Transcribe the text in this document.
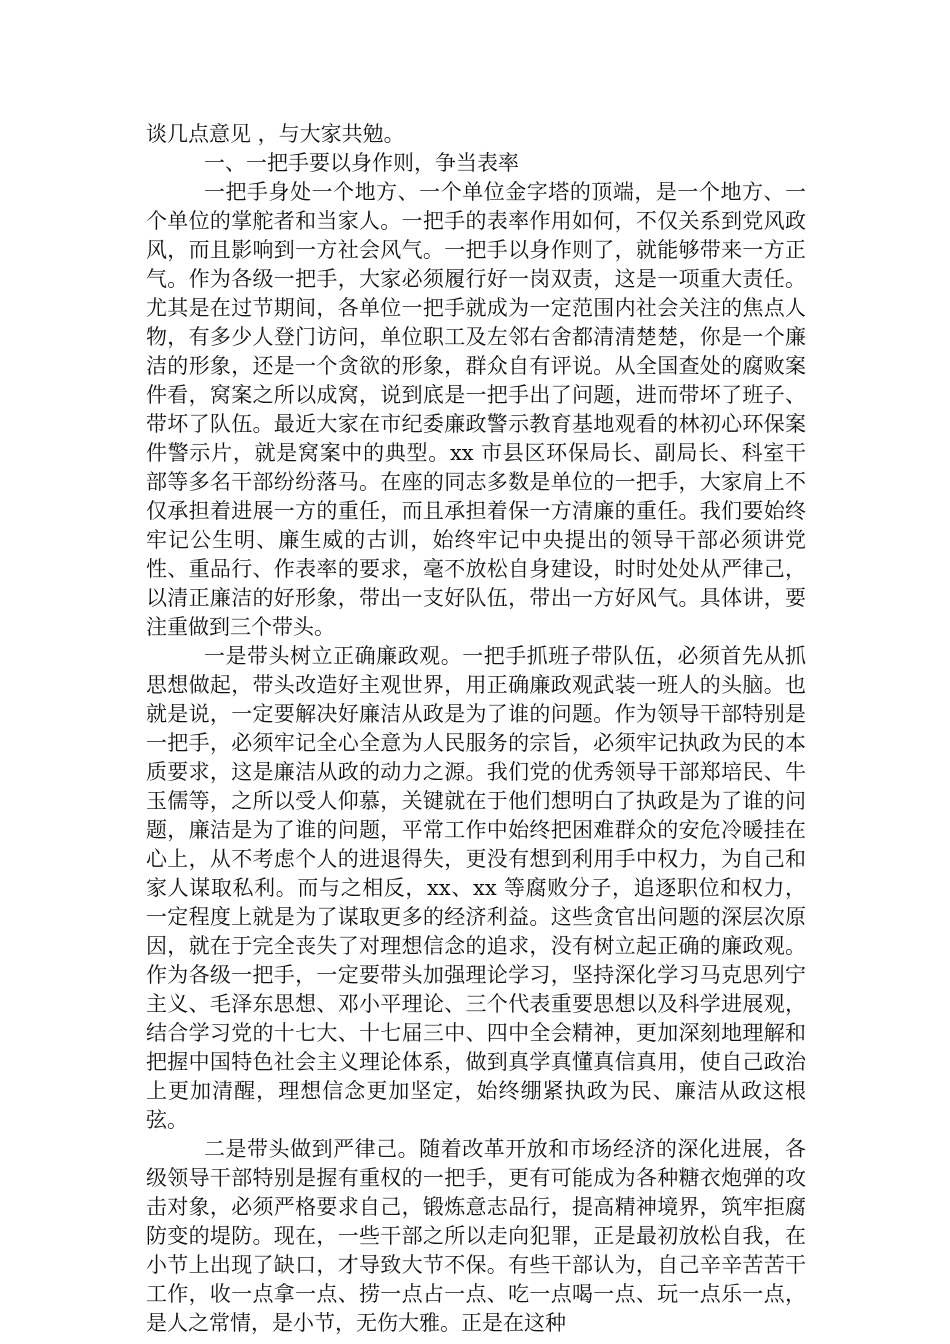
谈几点意见 ，与大家共勉。

一、一把手要以身作则，争当表率

一把手身处一个地方、一个单位金字塔的顶端，是一个地方、一个单位的掌舵者和当家人。一把手的表率作用如何，不仅关系到党风政风，而且影响到一方社会风气。一把手以身作则了，就能够带来一方正气。作为各级一把手，大家必须履行好一岗双责，这是一项重大责任。尤其是在过节期间，各单位一把手就成为一定范围内社会关注的焦点人物，有多少人登门访问，单位职工及左邻右舍都清清楚楚，你是一个廉洁的形象，还是一个贪欲的形象，群众自有评说。从全国查处的腐败案件看，窝案之所以成窝，说到底是一把手出了问题，进而带坏了班子、带坏了队伍。最近大家在市纪委廉政警示教育基地观看的林初心环保案件警示片，就是窝案中的典型。xx 市县区环保局长、副局长、科室干部等多名干部纷纷落马。在座的同志多数是单位的一把手，大家肩上不仅承担着进展一方的重任，而且承担着保一方清廉的重任。我们要始终牢记公生明、廉生威的古训，始终牢记中央提出的领导干部必须讲党性、重品行、作表率的要求，毫不放松自身建设，时时处处从严律己，以清正廉洁的好形象，带出一支好队伍，带出一方好风气。具体讲，要注重做到三个带头。

一是带头树立正确廉政观。一把手抓班子带队伍，必须首先从抓思想做起，带头改造好主观世界，用正确廉政观武装一班人的头脑。也就是说，一定要解决好廉洁从政是为了谁的问题。作为领导干部特别是一把手，必须牢记全心全意为人民服务的宗旨，必须牢记执政为民的本质要求，这是廉洁从政的动力之源。我们党的优秀领导干部郑培民、牛玉儒等，之所以受人仰慕，关键就在于他们想明白了执政是为了谁的问题，廉洁是为了谁的问题，平常工作中始终把困难群众的安危冷暖挂在心上，从不考虑个人的进退得失，更没有想到利用手中权力，为自己和家人谋取私利。而与之相反，xx、xx 等腐败分子，追逐职位和权力，一定程度上就是为了谋取更多的经济利益。这些贪官出问题的深层次原因，就在于完全丧失了对理想信念的追求，没有树立起正确的廉政观。作为各级一把手，一定要带头加强理论学习，坚持深化学习马克思列宁主义、毛泽东思想、邓小平理论、三个代表重要思想以及科学进展观，结合学习党的十七大、十七届三中、四中全会精神，更加深刻地理解和把握中国特色社会主义理论体系，做到真学真懂真信真用，使自己政治上更加清醒，理想信念更加坚定，始终绷紧执政为民、廉洁从政这根弦。

二是带头做到严律己。随着改革开放和市场经济的深化进展，各级领导干部特别是握有重权的一把手，更有可能成为各种糖衣炮弹的攻击对象，必须严格要求自己，锻炼意志品行，提高精神境界，筑牢拒腐防变的堤防。现在，一些干部之所以走向犯罪，正是最初放松自我，在小节上出现了缺口，才导致大节不保。有些干部认为，自己辛辛苦苦干工作，收一点拿一点、捞一点占一点、吃一点喝一点、玩一点乐一点，是人之常情，是小节，无伤大雅。正是在这种
